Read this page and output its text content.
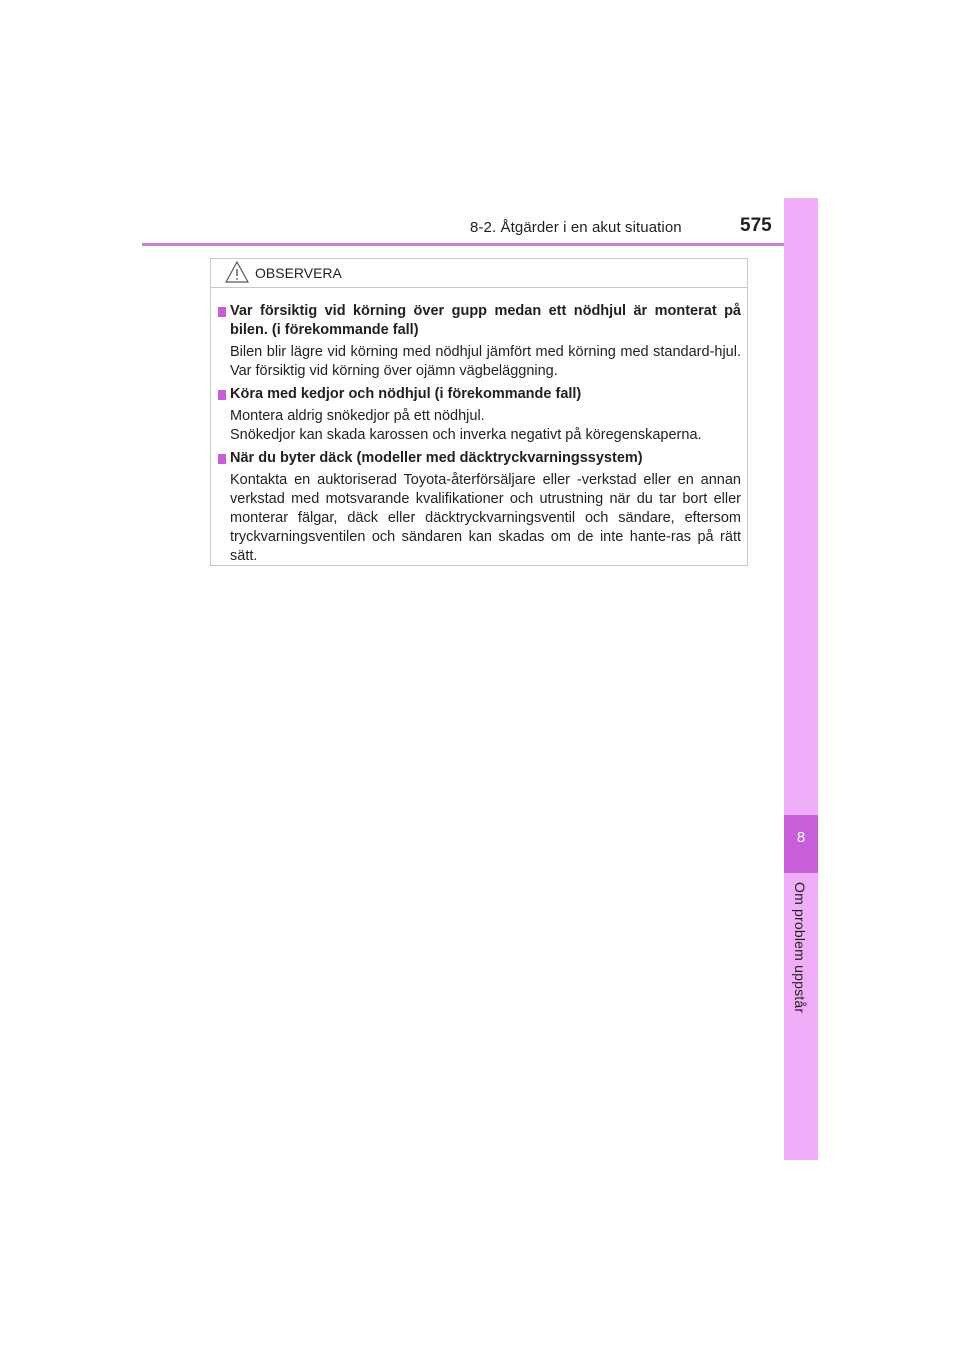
8-2. Åtgärder i en akut situation	575
8
Om problem uppstår
OBSERVERA
Var försiktig vid körning över gupp medan ett nödhjul är monterat på bilen. (i förekommande fall)

Bilen blir lägre vid körning med nödhjul jämfört med körning med standard-hjul. Var försiktig vid körning över ojämn vägbeläggning.

Köra med kedjor och nödhjul (i förekommande fall)

Montera aldrig snökedjor på ett nödhjul.

Snökedjor kan skada karossen och inverka negativt på köregenskaperna.

När du byter däck (modeller med däcktryckvarningssystem)

Kontakta en auktoriserad Toyota-återförsäljare eller -verkstad eller en annan verkstad med motsvarande kvalifikationer och utrustning när du tar bort eller monterar fälgar, däck eller däcktryckvarningsventil och sändare, eftersom tryckvarningsventilen och sändaren kan skadas om de inte hante-ras på rätt sätt.
